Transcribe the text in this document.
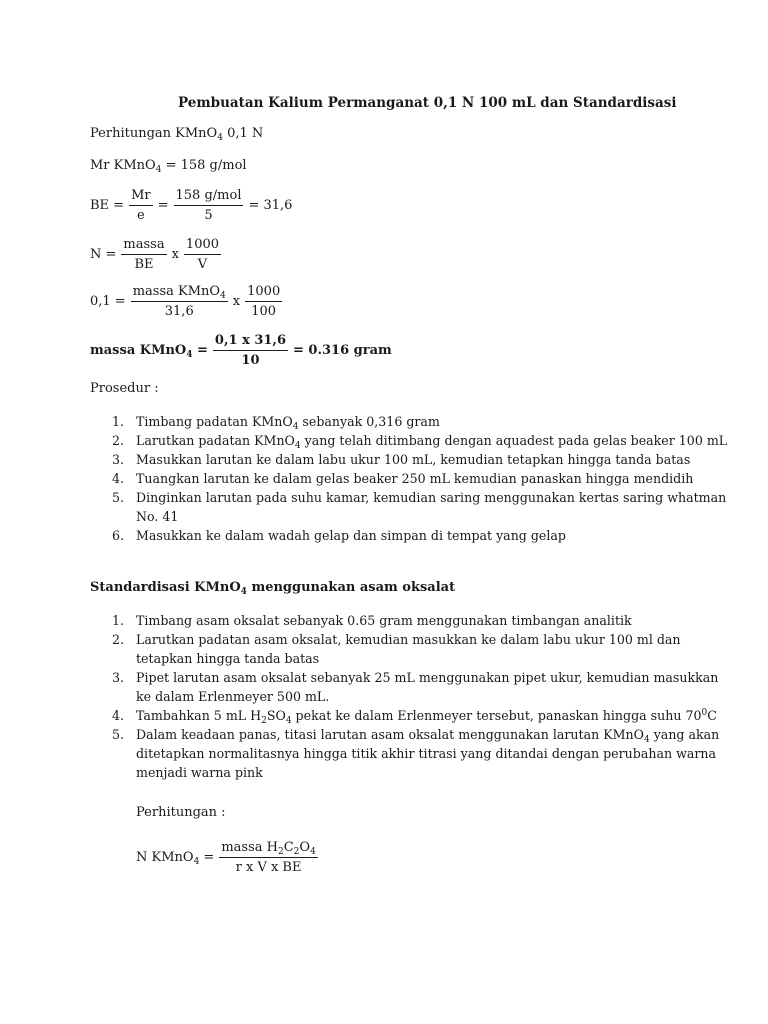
Pembuatan Kalium Permanganat 0,1 N 100 mL dan Standardisasi
Perhitungan KMnO$_4$ 0,1 N
Mr KMnO$_4$ = 158 g/mol
BE = $\frac{Mr}{e} = \frac{\text{158 g/mol}}{5} = 31,6$
$N = \frac{\text{massa}}{BE}$ x $\frac{1000}{V}$
$0,1 = \frac{massa KMnO_4}{31,6}$ x $\frac{1000}{100}$
massa KMnO$_4$ = $\frac{0,1 x 31,6}{10} = 0.316$ gram
Prosedur :
1. Timbang padatan KMnO$_4$ sebanyak 0,316 gram
2. Larutkan padatan KMnO$_4$ yang telah ditimbang dengan aquadest pada gelas beaker 100 mL
3. Masukkan larutan ke dalam labu ukur 100 mL, kemudian tetapkan hingga tanda batas
4. Tuangkan larutan ke dalam gelas beaker 250 mL kemudian panaskan hingga mendidih
5. Dinginkan larutan pada suhu kamar, kemudian saring menggunakan kertas saring whatman
No. 41
6. Masukkan ke dalam wadah gelap dan simpan di tempat yang gelap
Standardisasi KMnO$_4$ menggunakan asam oksalat
1. Timbang asam oksalat sebanyak 0.65 gram menggunakan timbangan analitik
2. Larutkan padatan asam oksalat, kemudian masukkan ke dalam labu ukur 100 ml dan
tetapkan hingga tanda batas
3. Pipet larutan asam oksalat sebanyak 25 mL menggunakan pipet ukur, kemudian masukkan
ke dalam Erlenmeyer 500 mL.
4. Tambahkan 5 mL $H_2SO_4$ pekat ke dalam Erlenmeyer tersebut, panaskan hingga suhu $70^0C$
5. Dalam keadaan panas, titasi larutan asam oksalat menggunakan larutan KMnO$_4$ yang akan
ditetapkan normalitasnya hingga titik akhir titrasi yang ditandai dengan perubahan warna
menjadi warna pink
Perhitungan :
N KMnO$_4$ = $\frac{massa H_2C_2O_4}{\text{r x V x BE}}$
